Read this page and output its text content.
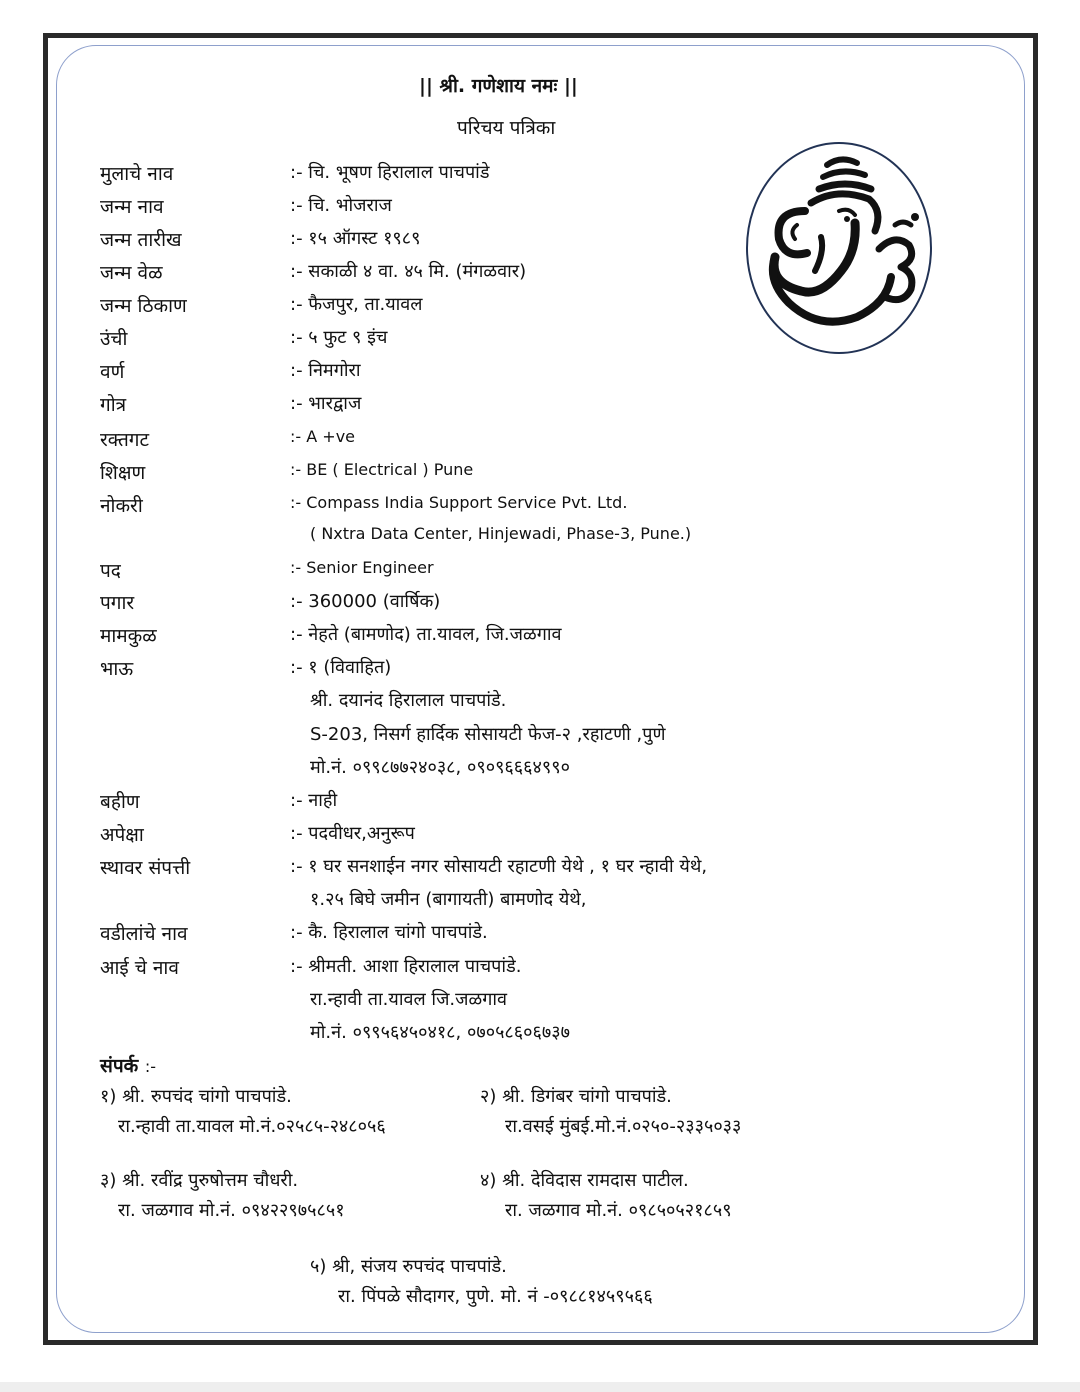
|| श्री. गणेशाय नमः ||
परिचय पत्रिका
मुलाचे नाव	:- चि. भूषण हिरालाल पाचपांडे
जन्म नाव	:- चि. भोजराज
जन्म तारीख	:- १५ ऑगस्ट १९८९
जन्म वेळ	:- सकाळी ४ वा. ४५ मि. (मंगळवार)
जन्म ठिकाण	:- फैजपुर, ता.यावल
उंची	:- ५ फुट ९ इंच
वर्ण	:- निमगोरा
गोत्र	:- भारद्वाज
रक्तगट	:- A +ve
शिक्षण	:- BE ( Electrical ) Pune
नोकरी	:- Compass India Support Service Pvt. Ltd.
( Nxtra Data Center, Hinjewadi, Phase-3, Pune.)
पद	:- Senior Engineer
पगार	:- 360000 (वार्षिक)
मामकुळ	:- नेहते (बामणोद) ता.यावल, जि.जळगाव
भाऊ	:- १ (विवाहित)
श्री. दयानंद हिरालाल पाचपांडे.
S-203, निसर्ग हार्दिक सोसायटी फेज-२ ,रहाटणी ,पुणे
मो.नं. ०९९८७७२४०३८, ०९०९६६६४९९०
बहीण	:- नाही
अपेक्षा	:- पदवीधर,अनुरूप
स्थावर संपत्ती	:- १ घर सनशाईन नगर सोसायटी रहाटणी येथे , १ घर न्हावी येथे,
१.२५ बिघे जमीन (बागायती) बामणोद येथे,
वडीलांचे नाव	:- कै. हिरालाल चांगो पाचपांडे.
आई चे नाव	:- श्रीमती. आशा हिरालाल पाचपांडे.
रा.न्हावी ता.यावल जि.जळगाव
मो.नं. ०९९५६४५०४१८, ०७०५८६०६७३७
संपर्क :-
१) श्री. रुपचंद चांगो पाचपांडे.
रा.न्हावी ता.यावल मो.नं.०२५८५-२४८०५६
२) श्री. डिगंबर चांगो पाचपांडे.
रा.वसई मुंबई.मो.नं.०२५०-२३३५०३३
३) श्री. रवींद्र पुरुषोत्तम चौधरी.
रा. जळगाव मो.नं. ०९४२२९७५८५१
४) श्री. देविदास रामदास पाटील.
रा. जळगाव मो.नं. ०९८५०५२१८५९
५) श्री, संजय रुपचंद पाचपांडे.
रा. पिंपळे सौदागर, पुणे. मो. नं -०९८८१४५९५६६
